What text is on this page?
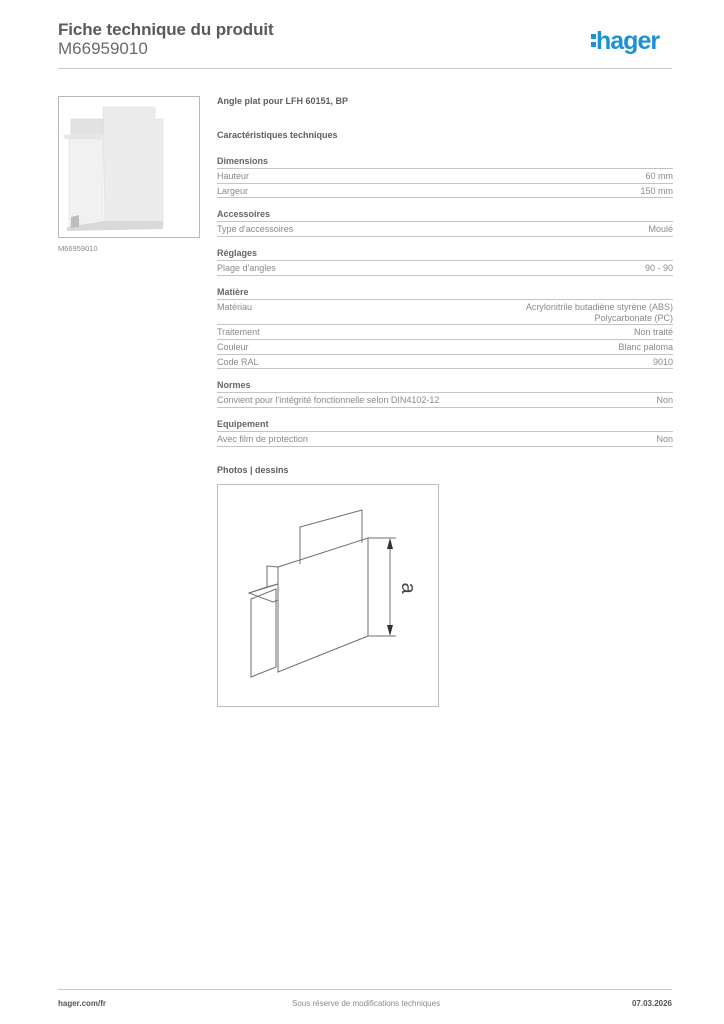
Fiche technique du produit
M66959010	hager
M66959010
Angle plat pour LFH 60151, BP
Caractéristiques techniques
Dimensions
Hauteur	60 mm
Largeur	150 mm
Accessoires
Type d'accessoires	Moulé
Réglages
Plage d'angles	90 - 90
Matière
Matériau	Acrylonitrile butadiène styrène (ABS)
Polycarbonate (PC)
Traitement	Non traité
Couleur	Blanc paloma
Code RAL	9010
Normes
Convient pour l'intégrité fonctionnelle selon DIN4102-12	Non
Equipement
Avec film de protection	Non
Photos | dessins
a
hager.com/fr	Sous réserve de modifications techniques	07.03.2026
